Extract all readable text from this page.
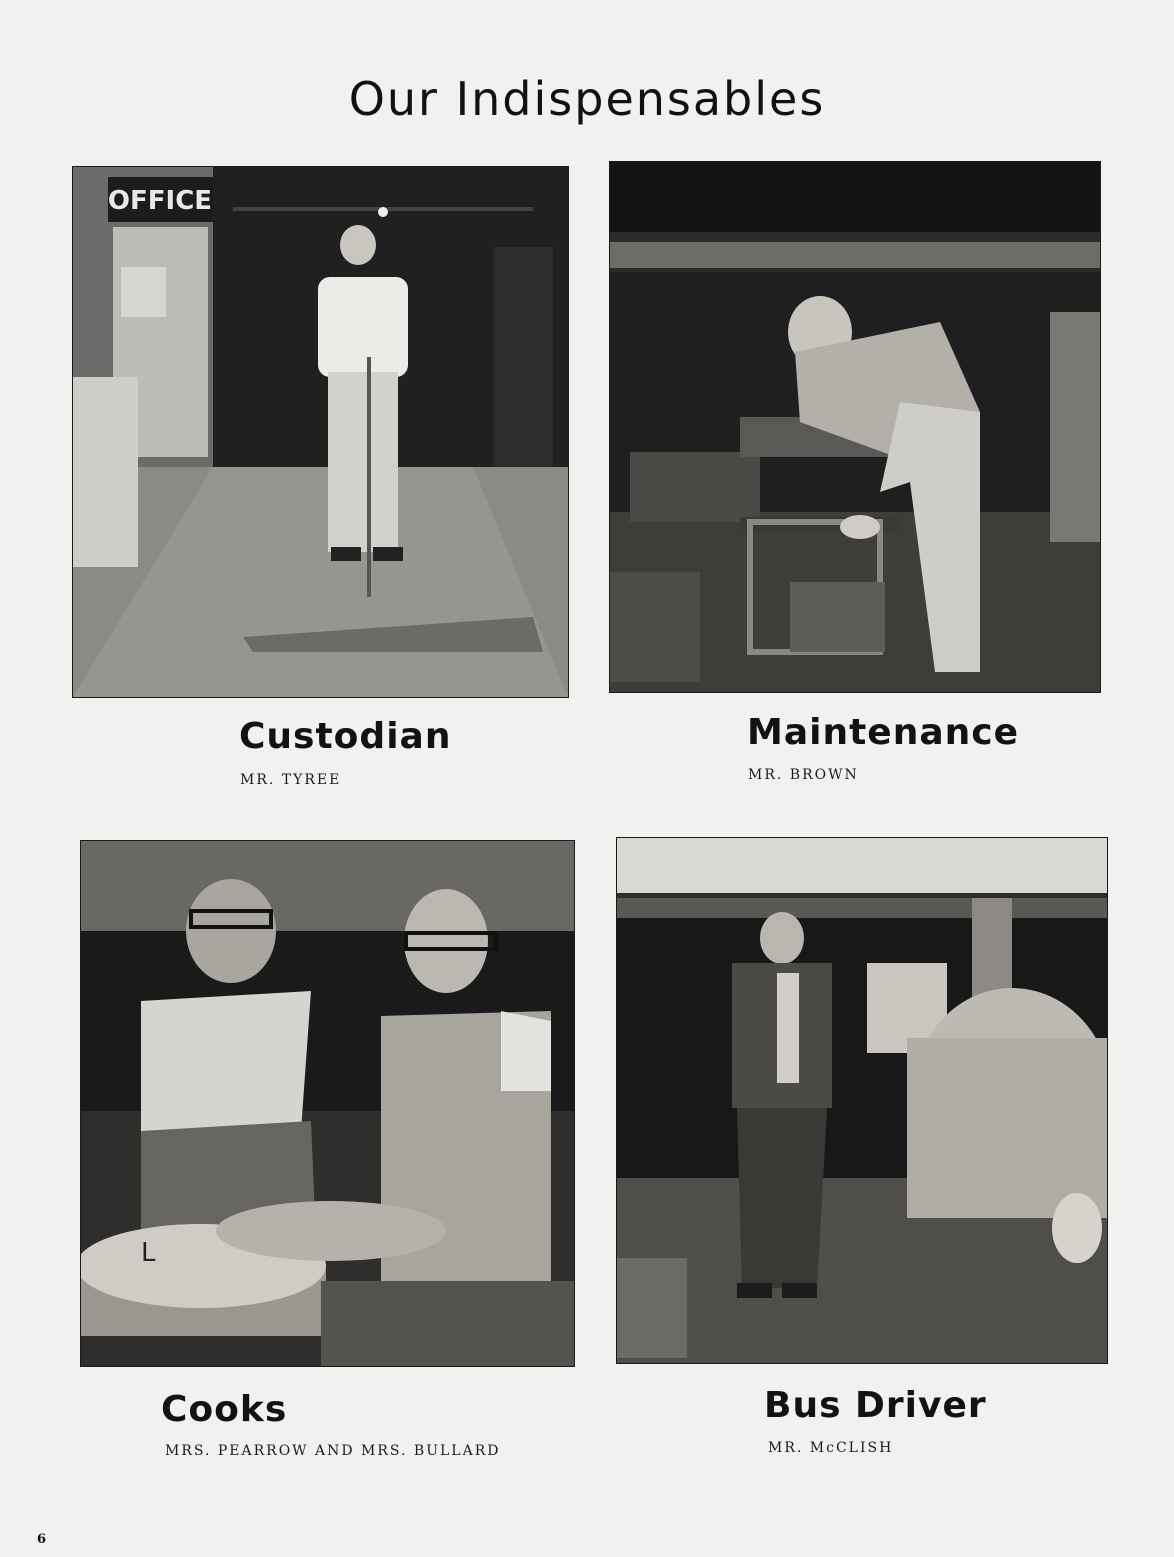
Our Indispensables
OFFICE
L
Custodian
MR. TYREE
Maintenance
MR. BROWN
Cooks
MRS. PEARROW AND MRS. BULLARD
Bus Driver
MR. McCLISH
6
